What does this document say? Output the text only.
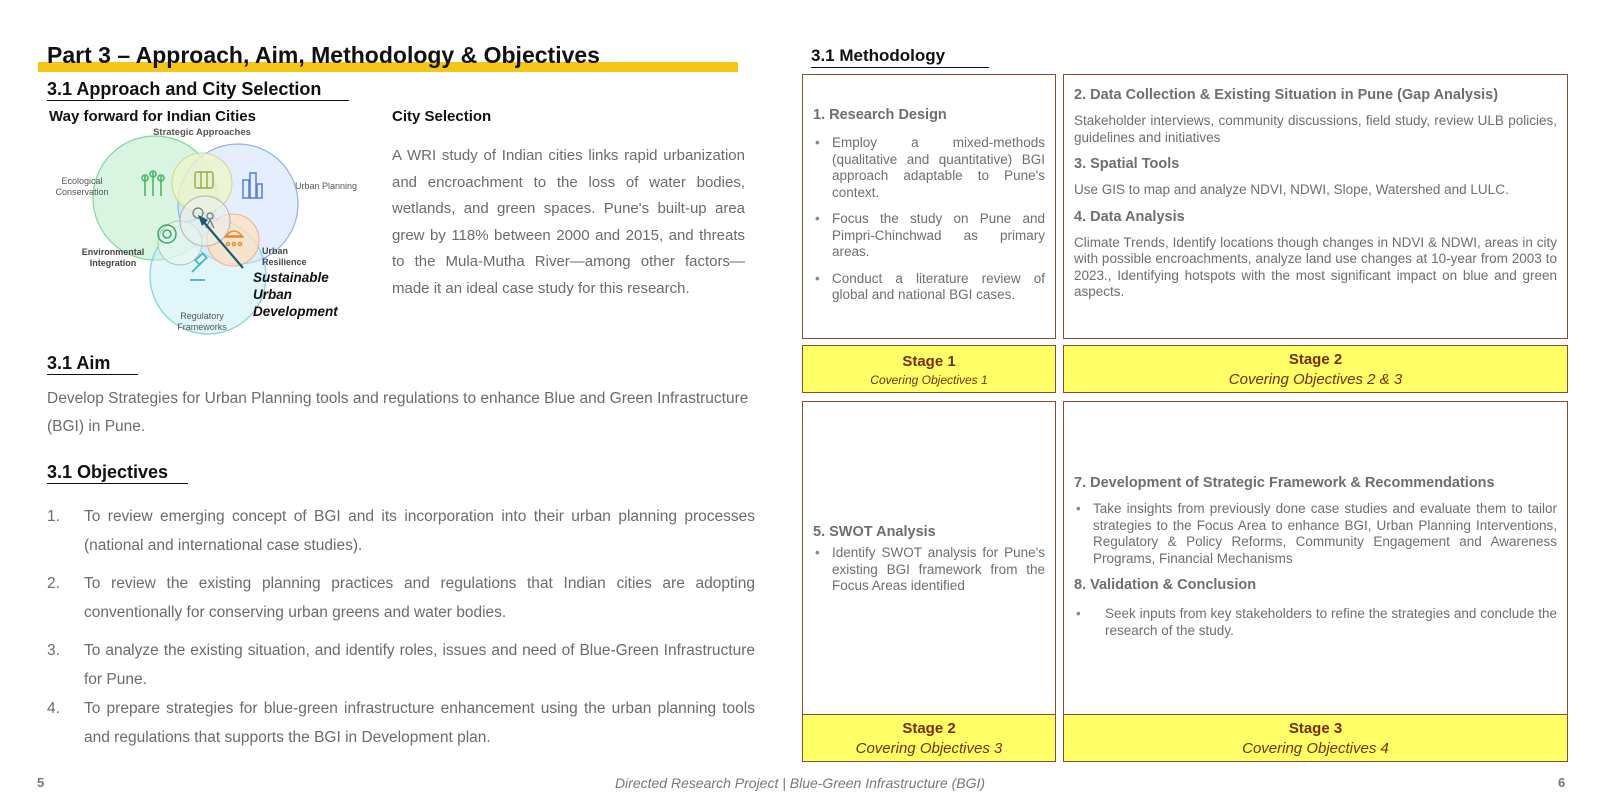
Part 3 – Approach, Aim, Methodology & Objectives
3.1 Approach and City Selection
Way forward for Indian Cities
Strategic Approaches
Ecological
Conservation
Urban Planning
Environmental
Integration
Urban
Resilience
Regulatory
Frameworks
Sustainable
Urban
Development
City Selection
A WRI study of Indian cities links rapid urbanization and encroachment to the loss of water bodies, wetlands, and green spaces. Pune's built-up area grew by 118% between 2000 and 2015, and threats to the Mula-Mutha River—among other factors—made it an ideal case study for this research.
3.1 Aim
Develop Strategies for Urban Planning tools and regulations to enhance Blue and Green Infrastructure (BGI) in Pune.
3.1 Objectives
1. To review emerging concept of BGI and its incorporation into their urban planning processes (national and international case studies).
2. To review the existing planning practices and regulations that Indian cities are adopting conventionally for conserving urban greens and water bodies.
3. To analyze the existing situation, and identify roles, issues and need of Blue-Green Infrastructure for Pune.
4. To prepare strategies for blue-green infrastructure enhancement using the urban planning tools and regulations that supports the BGI in Development plan.
5	Directed Research Project | Blue-Green Infrastructure (BGI)	6
3.1 Methodology
1. Research Design
• Employ a mixed-methods (qualitative and quantitative) BGI approach adaptable to Pune's context.
• Focus the study on Pune and Pimpri-Chinchwad as primary areas.
• Conduct a literature review of global and national BGI cases.
2. Data Collection & Existing Situation in Pune (Gap Analysis)
Stakeholder interviews, community discussions, field study, review ULB policies, guidelines and initiatives
3. Spatial Tools
Use GIS to map and analyze NDVI, NDWI, Slope, Watershed and LULC.
4. Data Analysis
Climate Trends, Identify locations though changes in NDVI & NDWI, areas in city with possible encroachments, analyze land use changes at 10-year from 2003 to 2023., Identifying hotspots with the most significant impact on blue and green aspects.
Stage 1
Covering Objectives 1
Stage 2
Covering Objectives 2 & 3
5. SWOT Analysis
• Identify SWOT analysis for Pune's existing BGI framework from the Focus Areas identified
7. Development of Strategic Framework & Recommendations
• Take insights from previously done case studies and evaluate them to tailor strategies to the Focus Area to enhance BGI, Urban Planning Interventions, Regulatory & Policy Reforms, Community Engagement and Awareness Programs, Financial Mechanisms
8. Validation & Conclusion
• Seek inputs from key stakeholders to refine the strategies and conclude the research of the study.
Stage 2
Covering Objectives 3
Stage 3
Covering Objectives 4
